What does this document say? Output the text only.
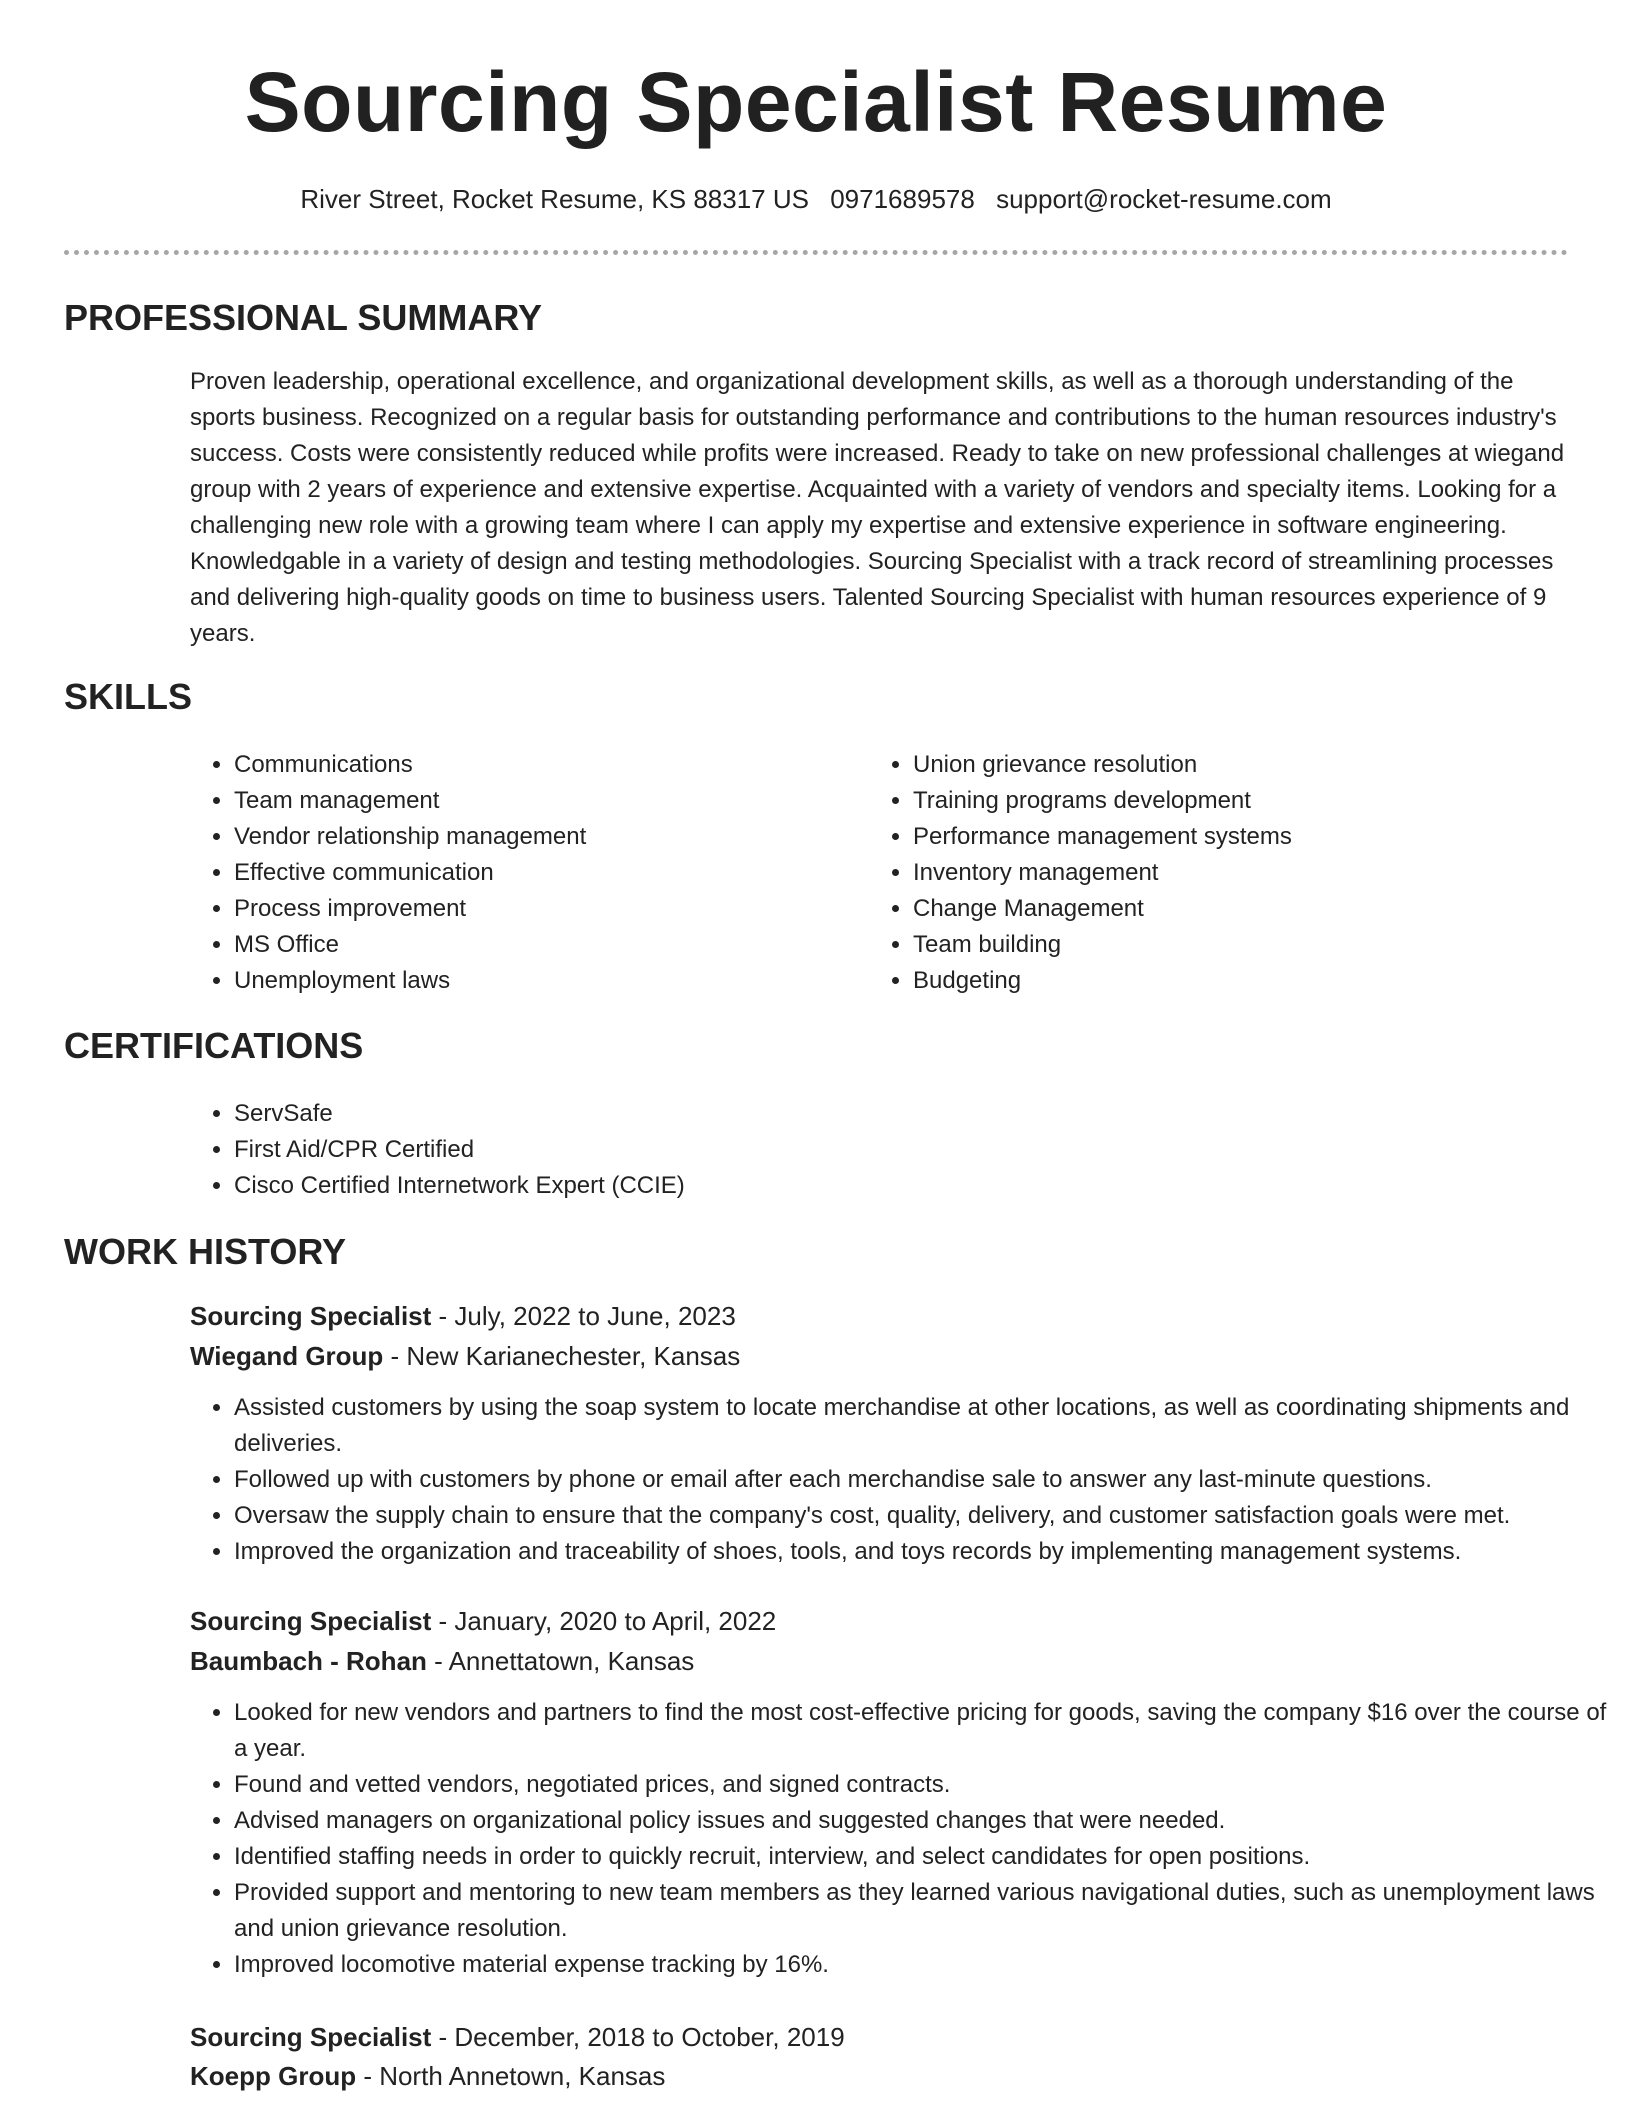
Sourcing Specialist Resume
River Street, Rocket Resume, KS 88317 US 0971689578 support@rocket-resume.com
PROFESSIONAL SUMMARY

Proven leadership, operational excellence, and organizational development skills, as well as a thorough understanding of the sports business. Recognized on a regular basis for outstanding performance and contributions to the human resources industry's success. Costs were consistently reduced while profits were increased. Ready to take on new professional challenges at wiegand group with 2 years of experience and extensive expertise. Acquainted with a variety of vendors and specialty items. Looking for a challenging new role with a growing team where I can apply my expertise and extensive experience in software engineering. Knowledgable in a variety of design and testing methodologies. Sourcing Specialist with a track record of streamlining processes and delivering high-quality goods on time to business users. Talented Sourcing Specialist with human resources experience of 9 years.

SKILLS
• Communications
• Team management
• Vendor relationship management
• Effective communication
• Process improvement
• MS Office
• Unemployment laws
• Union grievance resolution
• Training programs development
• Performance management systems
• Inventory management
• Change Management
• Team building
• Budgeting
CERTIFICATIONS
• ServSafe
• First Aid/CPR Certified
• Cisco Certified Internetwork Expert (CCIE)
WORK HISTORY
Sourcing Specialist - July, 2022 to June, 2023
Wiegand Group - New Karianechester, Kansas
• Assisted customers by using the soap system to locate merchandise at other locations, as well as coordinating shipments and deliveries.
• Followed up with customers by phone or email after each merchandise sale to answer any last-minute questions.
• Oversaw the supply chain to ensure that the company's cost, quality, delivery, and customer satisfaction goals were met.
• Improved the organization and traceability of shoes, tools, and toys records by implementing management systems.
Sourcing Specialist - January, 2020 to April, 2022
Baumbach - Rohan - Annettatown, Kansas
• Looked for new vendors and partners to find the most cost-effective pricing for goods, saving the company $16 over the course of a year.
• Found and vetted vendors, negotiated prices, and signed contracts.
• Advised managers on organizational policy issues and suggested changes that were needed.
• Identified staffing needs in order to quickly recruit, interview, and select candidates for open positions.
• Provided support and mentoring to new team members as they learned various navigational duties, such as unemployment laws and union grievance resolution.
• Improved locomotive material expense tracking by 16%.
Sourcing Specialist - December, 2018 to October, 2019
Koepp Group - North Annetown, Kansas
